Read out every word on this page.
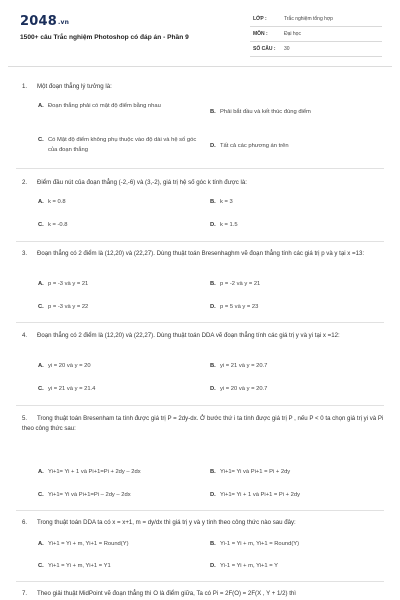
2048.vn
1500+ câu Trắc nghiệm Photoshop có đáp án - Phần 9
LỚP :	Trắc nghiệm tổng hợp
MÔN :	Đại học
SỐ CÂU : 30
1. Một đoạn thẳng lý tưởng là:
A. Đoạn thẳng phải có mật độ điểm bằng nhau
B. Phải bắt đầu và kết thúc đúng điểm
C. Có Mật độ điểm không phụ thuộc vào độ dài và hệ số góc của đoạn thẳng
D. Tất cả các phương án trên
2. Điểm đầu nút của đoạn thẳng (-2,-6) và (3,-2), giá trị hệ số góc k tính được là:
A. k = 0.8	B. k = 3
C. k = -0.8	D. k = 1.5
3. Đoạn thẳng có 2 điểm là (12,20) và (22,27). Dùng thuật toán Bresenhaghm vẽ đoạn thẳng tính các giá trị p và y tại x =13:
A. p = -3 và y = 21	B. p = -2 và y = 21
C. p = -3 và y = 22	D. p = 5 và y = 23
4. Đoạn thẳng có 2 điểm là (12,20) và (22,27). Dùng thuật toán DDA vẽ đoạn thẳng tính các giá trị y và yi tại x =12:
A. yi = 20 và y = 20	B. yi = 21 và y = 20.7
C. yi = 21 và y = 21.4	D. yi = 20 và y = 20.7
5. Trong thuật toán Bresenham ta tính được giá trị P = 2dy-dx. Ở bước thứ i ta tính được giá trị P , nếu P < 0 ta chọn giá trị yi và Pi theo công thức sau:
A. Yi+1= Yi + 1 và Pi+1=Pi + 2dy – 2dx	B. Yi+1= Yi và Pi+1 = Pi + 2dy
C. Yi+1= Yi và Pi+1=Pi – 2dy – 2dx	D. Yi+1= Yi + 1 và Pi+1 = Pi + 2dy
6. Trong thuật toán DDA ta có x = x+1, m = dy/dx thì giá trị y và y tính theo công thức nào sau đây:
A. Yi+1 = Yi + m, Yi+1 = Round(Y)	B. Yi-1 = Yi + m, Yi+1 = Round(Y)
C. Yi+1 = Yi + m, Yi+1 = Y1	D. Yi-1 = Yi + m, Yi+1 = Y
7. Theo giải thuật MidPoint vẽ đoạn thẳng thì O là điểm giữa, Ta có Pi = 2F(O) = 2F(X , Y + 1/2) thì
